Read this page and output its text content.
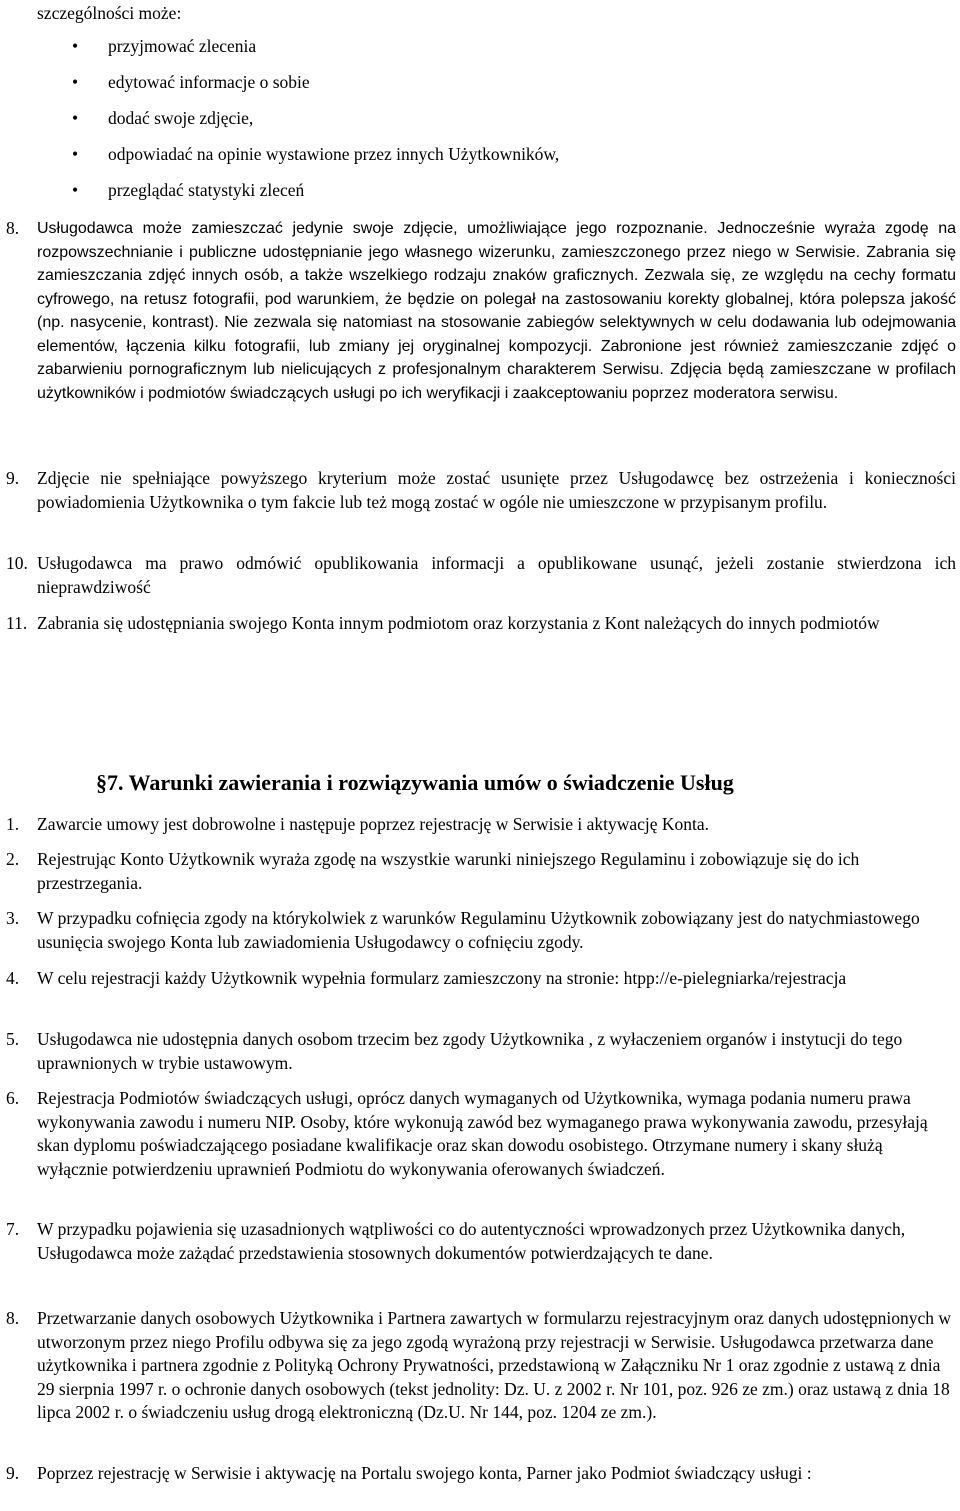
szczególności może:
• przyjmować zlecenia
• edytować informacje o sobie
• dodać swoje zdjęcie,
• odpowiadać na opinie wystawione przez innych Użytkowników,
• przeglądać statystyki zleceń
8. Usługodawca może zamieszczać jedynie swoje zdjęcie, umożliwiające jego rozpoznanie. Jednocześnie wyraża zgodę na rozpowszechnianie i publiczne udostępnianie jego własnego wizerunku, zamieszczonego przez niego w Serwisie. Zabrania się zamieszczania zdjęć innych osób, a także wszelkiego rodzaju znaków graficznych. Zezwala się, ze względu na cechy formatu cyfrowego, na retusz fotografii, pod warunkiem, że będzie on polegał na zastosowaniu korekty globalnej, która polepsza jakość (np. nasycenie, kontrast). Nie zezwala się natomiast na stosowanie zabiegów selektywnych w celu dodawania lub odejmowania elementów, łączenia kilku fotografii, lub zmiany jej oryginalnej kompozycji. Zabronione jest również zamieszczanie zdjęć o zabarwieniu pornograficznym lub nielicujących z profesjonalnym charakterem Serwisu. Zdjęcia będą zamieszczane w profilach użytkowników i podmiotów świadczących usługi po ich weryfikacji i zaakceptowaniu poprzez moderatora serwisu.
9. Zdjęcie nie spełniające powyższego kryterium może zostać usunięte przez Usługodawcę bez ostrzeżenia i konieczności powiadomienia Użytkownika o tym fakcie lub też mogą zostać w ogóle nie umieszczone w przypisanym profilu.
10. Usługodawca ma prawo odmówić opublikowania informacji a opublikowane usunąć, jeżeli zostanie stwierdzona ich nieprawdziwość
11. Zabrania się udostępniania swojego Konta innym podmiotom oraz korzystania z Kont należących do innych podmiotów
§7. Warunki zawierania i rozwiązywania umów o świadczenie Usług
1. Zawarcie umowy jest dobrowolne i następuje poprzez rejestrację w Serwisie i aktywację Konta.
2. Rejestrując Konto Użytkownik wyraża zgodę na wszystkie warunki niniejszego Regulaminu i zobowiązuje się do ich przestrzegania.
3. W przypadku cofnięcia zgody na którykolwiek z warunków Regulaminu Użytkownik zobowiązany jest do natychmiastowego usunięcia swojego Konta lub zawiadomienia Usługodawcy o cofnięciu zgody.
4. W celu rejestracji każdy Użytkownik wypełnia formularz zamieszczony na stronie: htpp://e-pielegniarka/rejestracja
5. Usługodawca nie udostępnia danych osobom trzecim bez zgody Użytkownika , z wyłaczeniem organów i instytucji do tego uprawnionych w trybie ustawowym.
6. Rejestracja Podmiotów świadczących usługi, oprócz danych wymaganych od Użytkownika, wymaga podania numeru prawa wykonywania zawodu i numeru NIP. Osoby, które wykonują zawód bez wymaganego prawa wykonywania zawodu, przesyłają skan dyplomu poświadczającego posiadane kwalifikacje oraz skan dowodu osobistego. Otrzymane numery i skany służą wyłącznie potwierdzeniu uprawnień Podmiotu do wykonywania oferowanych świadczeń.
7. W przypadku pojawienia się uzasadnionych wątpliwości co do autentyczności wprowadzonych przez Użytkownika danych, Usługodawca może zażądać przedstawienia stosownych dokumentów potwierdzających te dane.
8. Przetwarzanie danych osobowych Użytkownika i Partnera zawartych w formularzu rejestracyjnym oraz danych udostępnionych w utworzonym przez niego Profilu odbywa się za jego zgodą wyrażoną przy rejestracji w Serwisie. Usługodawca przetwarza dane użytkownika i partnera zgodnie z Polityką Ochrony Prywatności, przedstawioną w Załączniku Nr 1 oraz zgodnie z ustawą z dnia 29 sierpnia 1997 r. o ochronie danych osobowych (tekst jednolity: Dz. U. z 2002 r. Nr 101, poz. 926 ze zm.) oraz ustawą z dnia 18 lipca 2002 r. o świadczeniu usług drogą elektroniczną (Dz.U. Nr 144, poz. 1204 ze zm.).
9. Poprzez rejestrację w Serwisie i aktywację na Portalu swojego konta, Parner jako Podmiot świadczący usługi :
